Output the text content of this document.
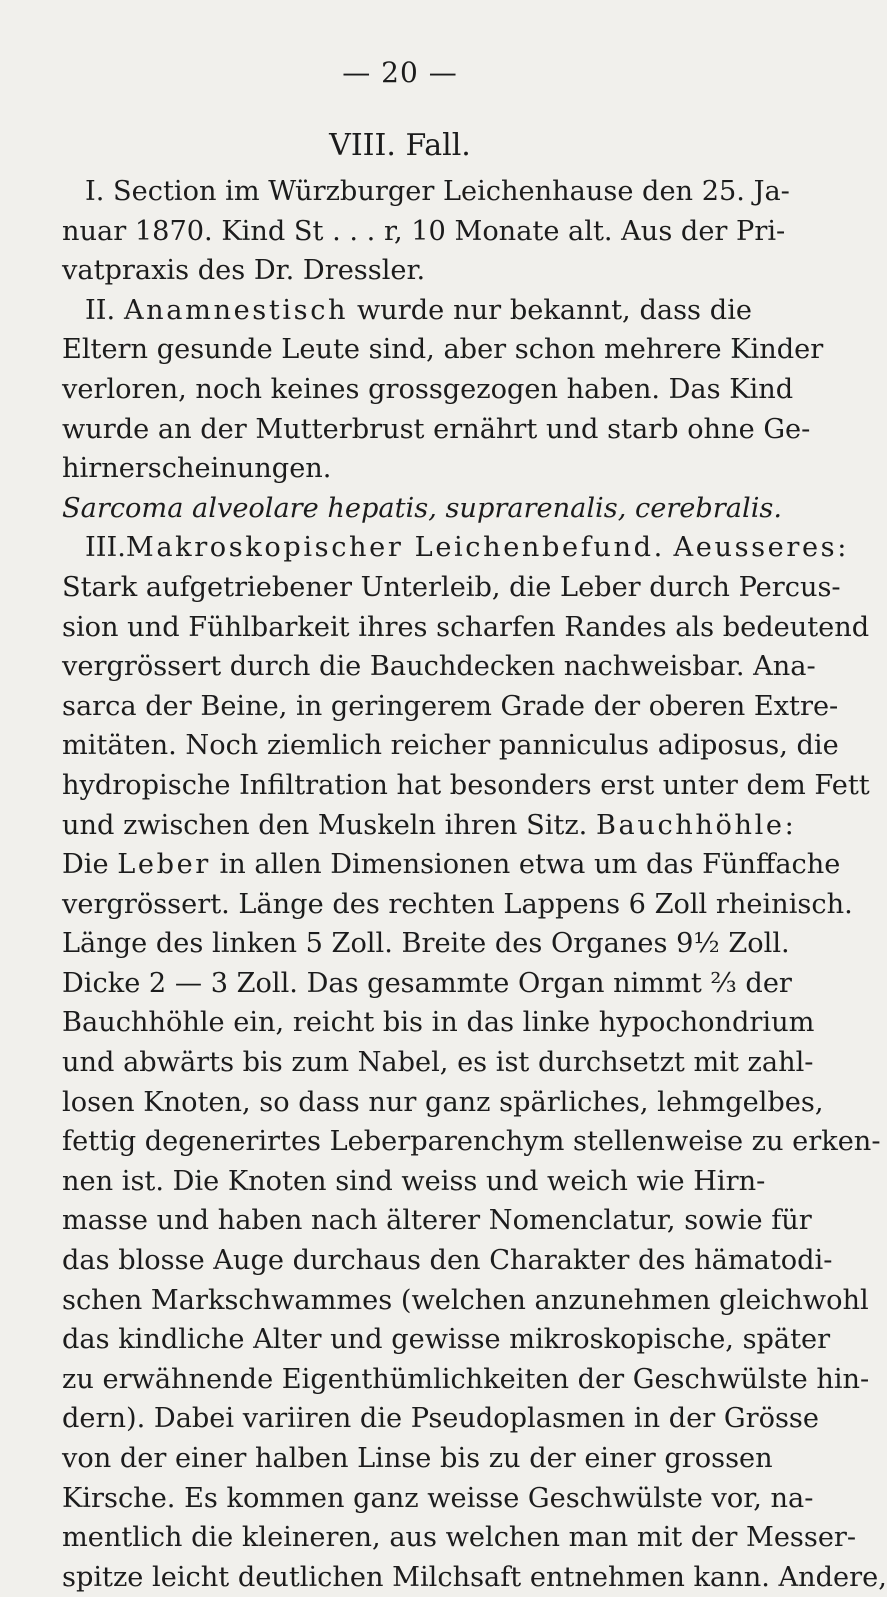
— 20 —
VIII. Fall.
I. Section im Würzburger Leichenhause den 25. Ja-
nuar 1870. Kind St . . . r, 10 Monate alt. Aus der Pri-
vatpraxis des Dr. Dressler.
II. Anamnestisch wurde nur bekannt, dass die
Eltern gesunde Leute sind, aber schon mehrere Kinder
verloren, noch keines grossgezogen haben. Das Kind
wurde an der Mutterbrust ernährt und starb ohne Ge-
hirnerscheinungen.
Sarcoma alveolare hepatis, suprarenalis, cerebralis.
III.Makroskopischer Leichenbefund. Aeusseres:
Stark aufgetriebener Unterleib, die Leber durch Percus-
sion und Fühlbarkeit ihres scharfen Randes als bedeutend
vergrössert durch die Bauchdecken nachweisbar. Ana-
sarca der Beine, in geringerem Grade der oberen Extre-
mitäten. Noch ziemlich reicher panniculus adiposus, die
hydropische Infiltration hat besonders erst unter dem Fett
und zwischen den Muskeln ihren Sitz. Bauchhöhle:
Die Leber in allen Dimensionen etwa um das Fünffache
vergrössert. Länge des rechten Lappens 6 Zoll rheinisch.
Länge des linken 5 Zoll. Breite des Organes 9½ Zoll.
Dicke 2 — 3 Zoll. Das gesammte Organ nimmt ⅔ der
Bauchhöhle ein, reicht bis in das linke hypochondrium
und abwärts bis zum Nabel, es ist durchsetzt mit zahl-
losen Knoten, so dass nur ganz spärliches, lehmgelbes,
fettig degenerirtes Leberparenchym stellenweise zu erken-
nen ist. Die Knoten sind weiss und weich wie Hirn-
masse und haben nach älterer Nomenclatur, sowie für
das blosse Auge durchaus den Charakter des hämatodi-
schen Markschwammes (welchen anzunehmen gleichwohl
das kindliche Alter und gewisse mikroskopische, später
zu erwähnende Eigenthümlichkeiten der Geschwülste hin-
dern). Dabei variiren die Pseudoplasmen in der Grösse
von der einer halben Linse bis zu der einer grossen
Kirsche. Es kommen ganz weisse Geschwülste vor, na-
mentlich die kleineren, aus welchen man mit der Messer-
spitze leicht deutlichen Milchsaft entnehmen kann. Andere,
